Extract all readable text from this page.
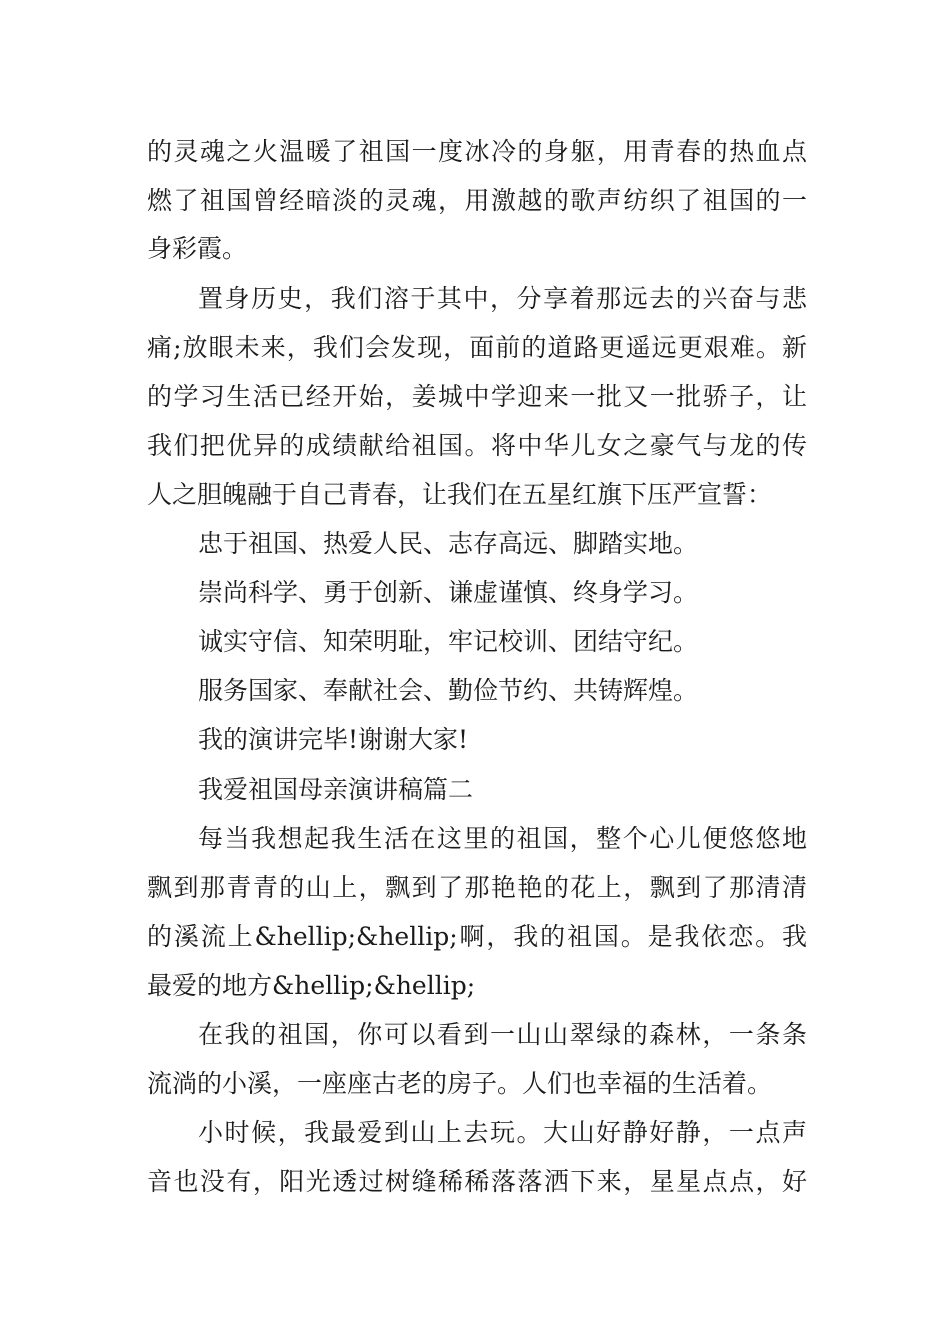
的灵魂之火温暖了祖国一度冰冷的身躯，用青春的热血点

燃了祖国曾经暗淡的灵魂，用激越的歌声纺织了祖国的一

身彩霞。

置身历史，我们溶于其中，分享着那远去的兴奋与悲

痛;放眼未来，我们会发现，面前的道路更遥远更艰难。新

的学习生活已经开始，姜城中学迎来一批又一批骄子，让

我们把优异的成绩献给祖国。将中华儿女之豪气与龙的传

人之胆魄融于自己青春，让我们在五星红旗下压严宣誓：

忠于祖国、热爱人民、志存高远、脚踏实地。

崇尚科学、勇于创新、谦虚谨慎、终身学习。

诚实守信、知荣明耻，牢记校训、团结守纪。

服务国家、奉献社会、勤俭节约、共铸辉煌。

我的演讲完毕!谢谢大家!

我爱祖国母亲演讲稿篇二

每当我想起我生活在这里的祖国，整个心儿便悠悠地

飘到那青青的山上，飘到了那艳艳的花上，飘到了那清清

的溪流上&hellip;&hellip;啊，我的祖国。是我依恋。我

最爱的地方&hellip;&hellip;

在我的祖国，你可以看到一山山翠绿的森林，一条条

流淌的小溪，一座座古老的房子。人们也幸福的生活着。

小时候，我最爱到山上去玩。大山好静好静，一点声

音也没有，阳光透过树缝稀稀落落洒下来，星星点点，好
